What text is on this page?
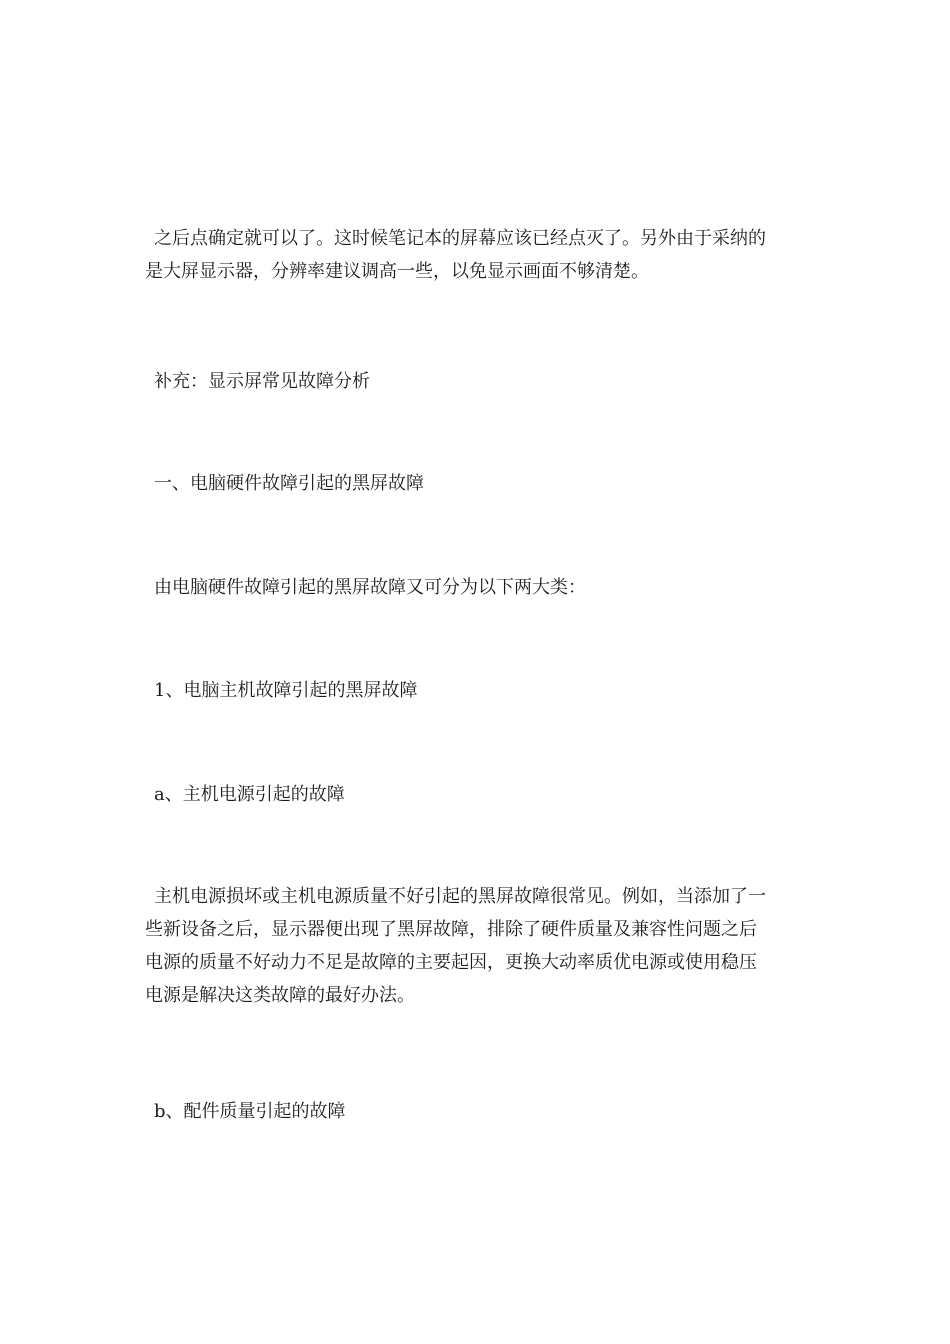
之后点确定就可以了。这时候笔记本的屏幕应该已经点灭了。另外由于采纳的
是大屏显示器，分辨率建议调高一些，以免显示画面不够清楚。

补充：显示屏常见故障分析

一、电脑硬件故障引起的黑屏故障

由电脑硬件故障引起的黑屏故障又可分为以下两大类：

1、电脑主机故障引起的黑屏故障

a、主机电源引起的故障

主机电源损坏或主机电源质量不好引起的黑屏故障很常见。例如，当添加了一
些新设备之后，显示器便出现了黑屏故障，排除了硬件质量及兼容性问题之后
电源的质量不好动力不足是故障的主要起因，更换大动率质优电源或使用稳压
电源是解决这类故障的最好办法。

b、配件质量引起的故障
